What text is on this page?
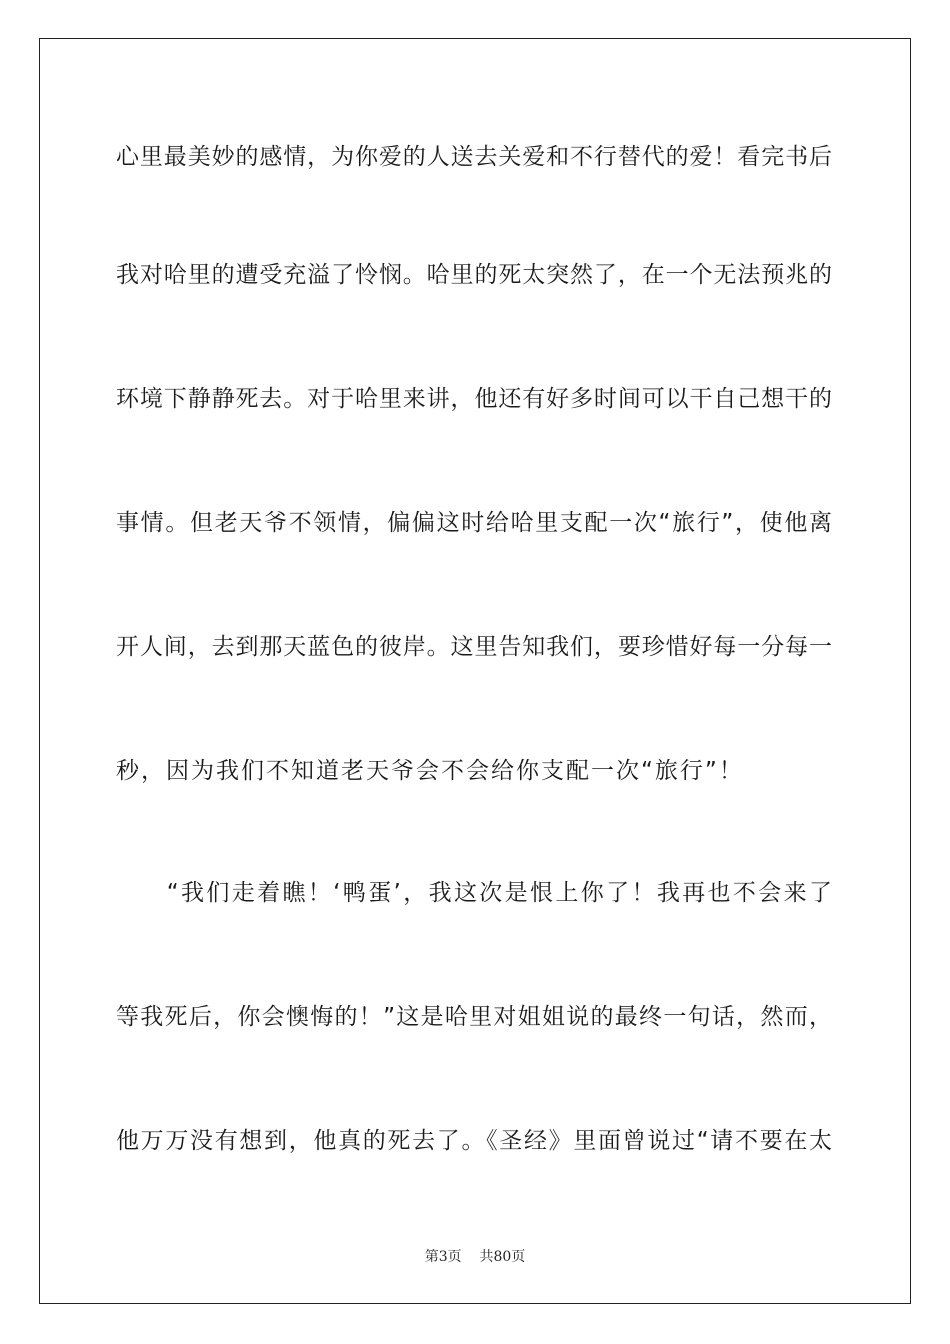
心里最美妙的感情，为你爱的人送去关爱和不行替代的爱！看完书后
我对哈里的遭受充溢了怜悯。哈里的死太突然了，在一个无法预兆的
环境下静静死去。对于哈里来讲，他还有好多时间可以干自己想干的
事情。但老天爷不领情，偏偏这时给哈里支配一次“旅行”，使他离
开人间，去到那天蓝色的彼岸。这里告知我们，要珍惜好每一分每一
秒，因为我们不知道老天爷会不会给你支配一次“旅行”！
　　“我们走着瞧！‘鸭蛋’，我这次是恨上你了！我再也不会来了
等我死后，你会懊悔的！”这是哈里对姐姐说的最终一句话，然而，
他万万没有想到，他真的死去了。《圣经》里面曾说过“请不要在太
第3页 共80页
